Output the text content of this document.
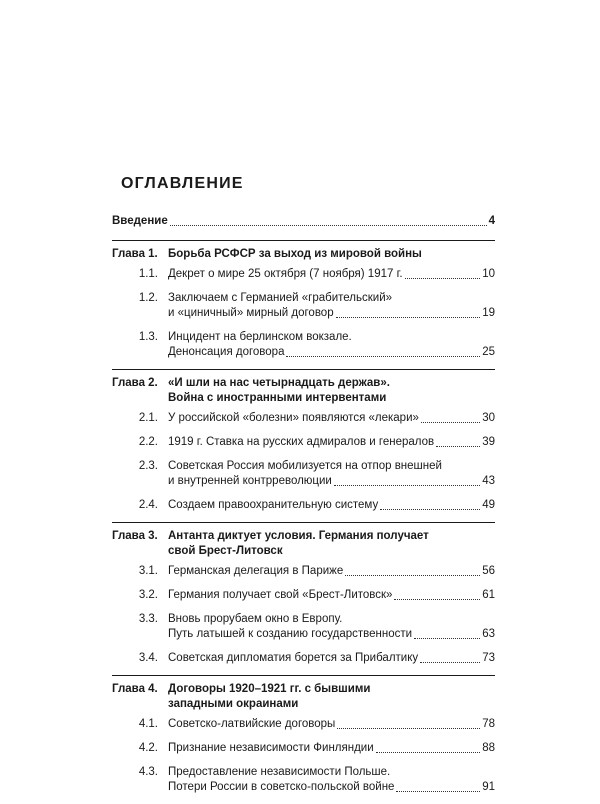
ОГЛАВЛЕНИЕ
Введение	4
Глава 1. Борьба РСФСР за выход из мировой войны
1.1. Декрет о мире 25 октября (7 ноября) 1917 г.	10
1.2. Заключаем с Германией «грабительский»
и «циничный» мирный договор	19
1.3. Инцидент на берлинском вокзале.
Денонсация договора	25
Глава 2. «И шли на нас четырнадцать держав».
Война с иностранными интервентами
2.1. У российской «болезни» появляются «лекари»	30
2.2. 1919 г. Ставка на русских адмиралов и генералов	39
2.3. Советская Россия мобилизуется на отпор внешней
и внутренней контрреволюции	43
2.4. Создаем правоохранительную систему	49
Глава 3. Антанта диктует условия. Германия получает
свой Брест-Литовск
3.1. Германская делегация в Париже	56
3.2. Германия получает свой «Брест-Литовск»	61
3.3. Вновь прорубаем окно в Европу.
Путь латышей к созданию государственности	63
3.4. Советская дипломатия борется за Прибалтику	73
Глава 4. Договоры 1920–1921 гг. с бывшими
западными окраинами
4.1. Советско-латвийские договоры	78
4.2. Признание независимости Финляндии	88
4.3. Предоставление независимости Польше.
Потери России в советско-польской войне	91
